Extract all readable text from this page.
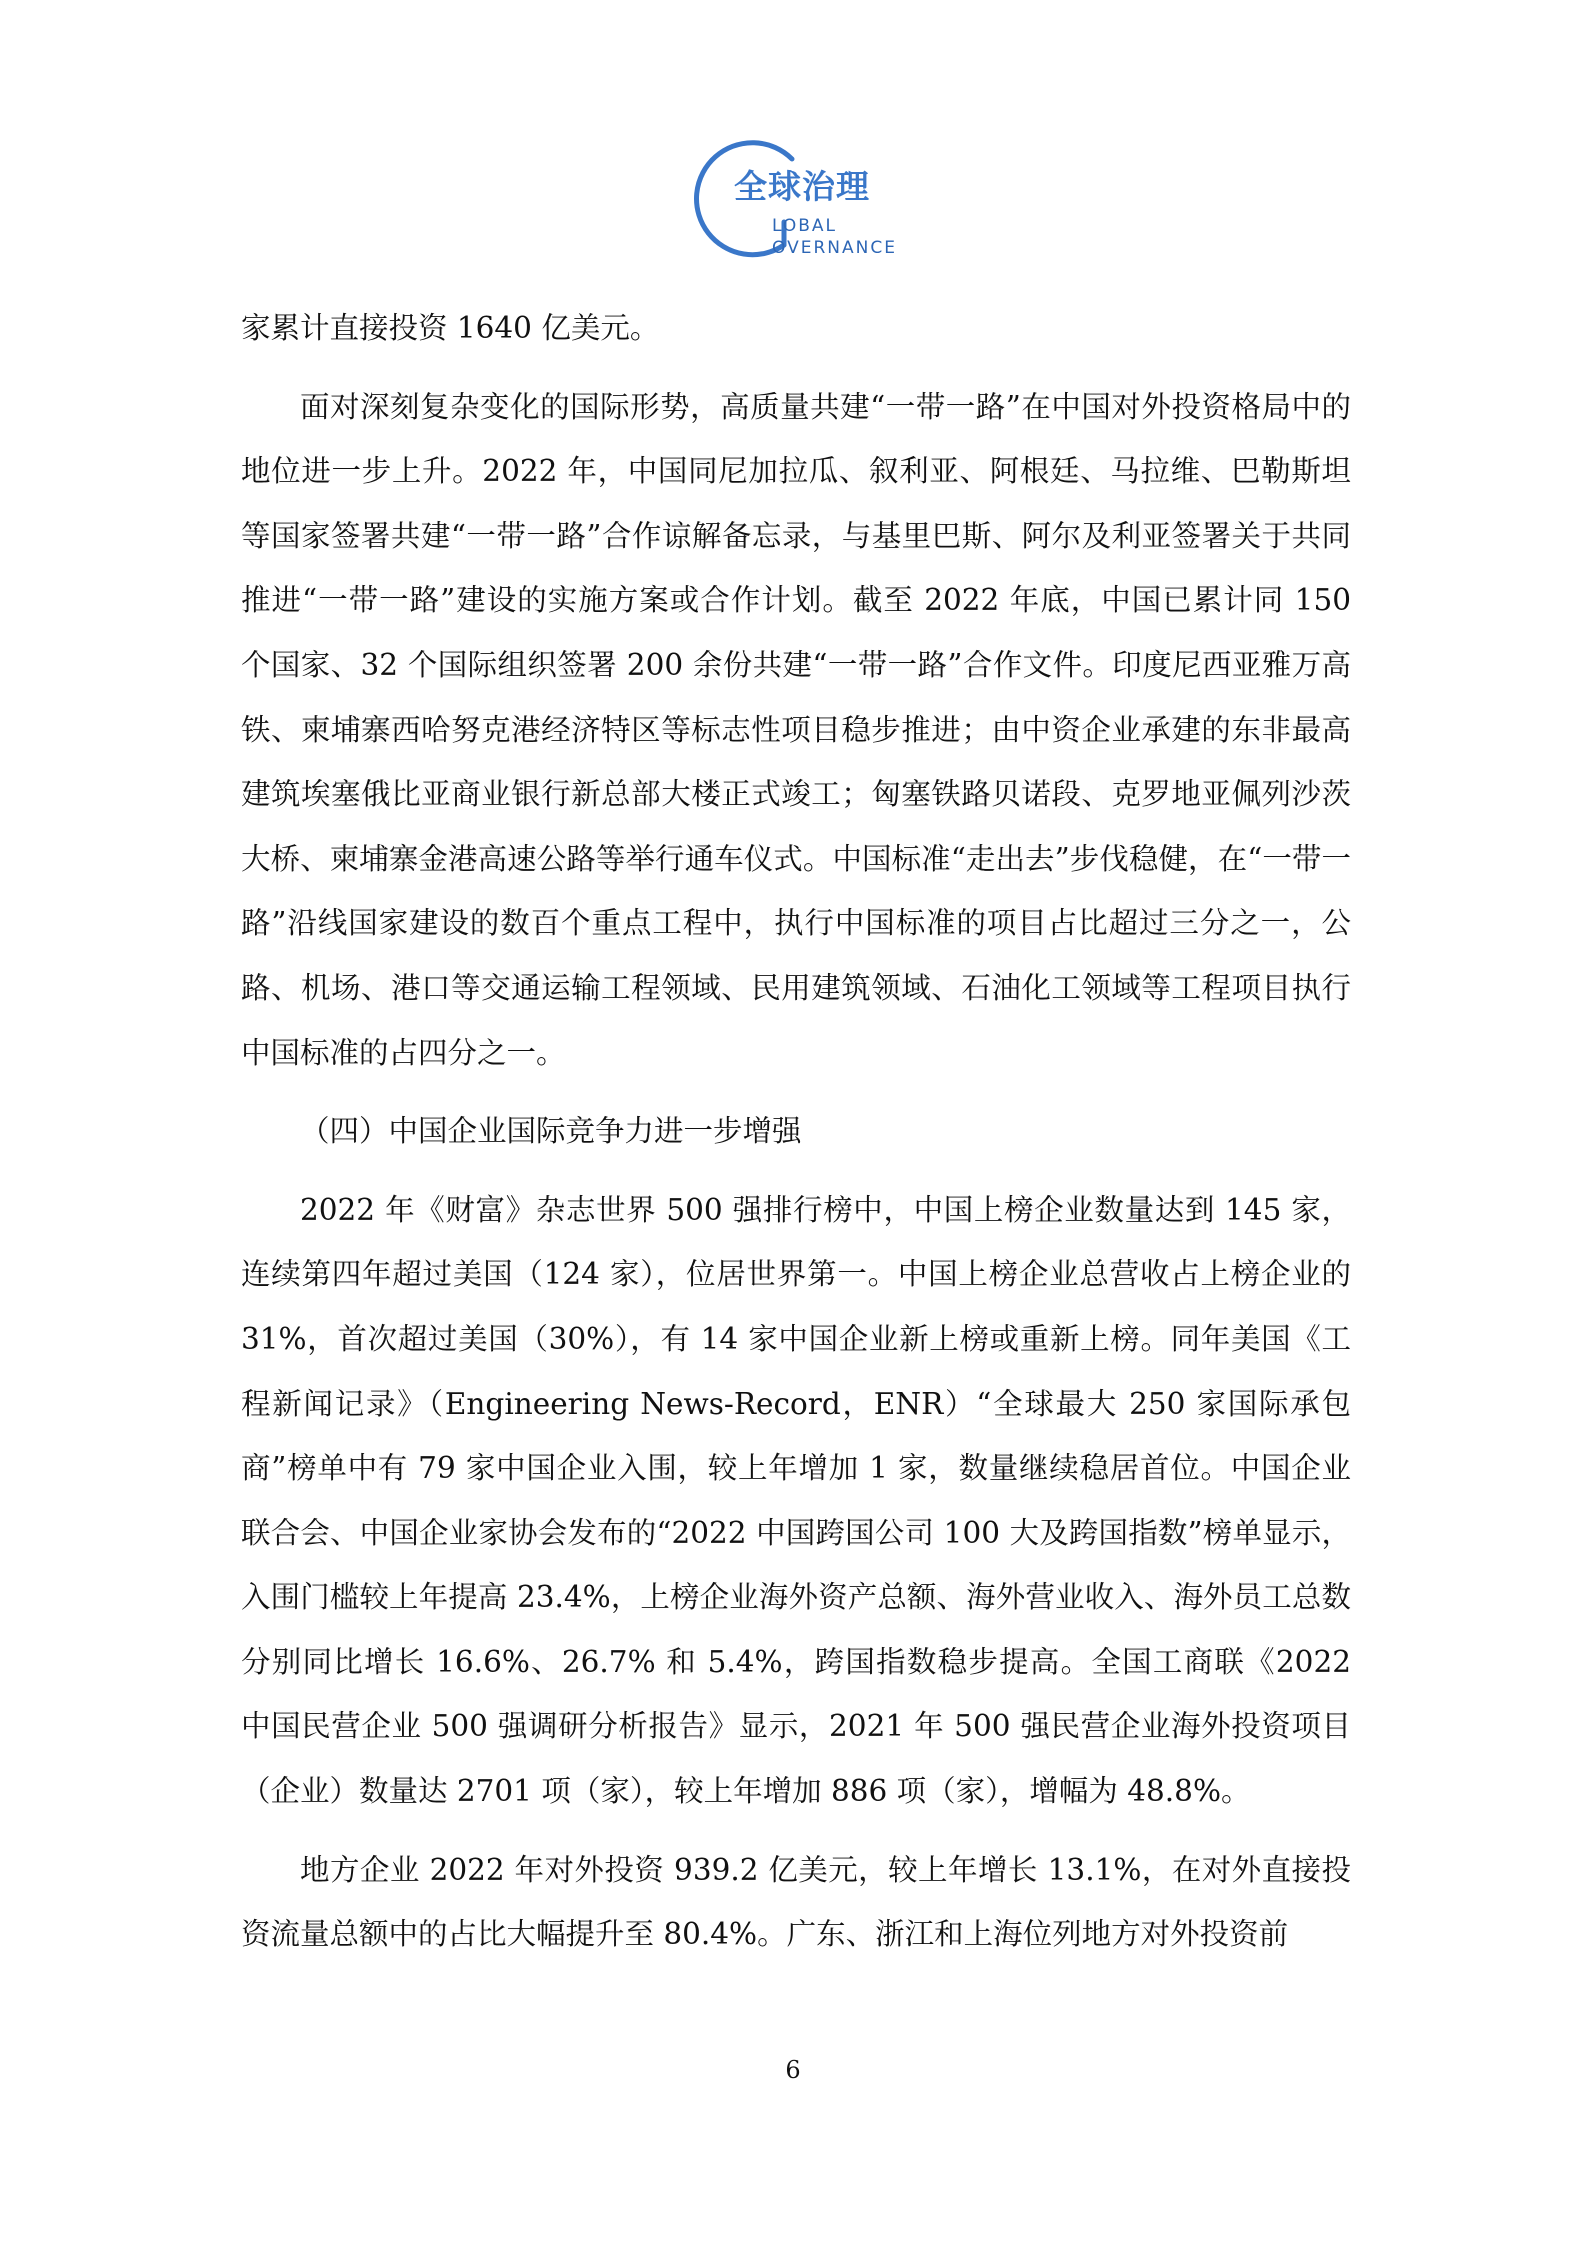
全球治理
LOBAL
OVERNANCE

家累计直接投资 1640 亿美元。

面对深刻复杂变化的国际形势，高质量共建“一带一路”在中国对外投资格局中的地位进一步上升。2022 年，中国同尼加拉瓜、叙利亚、阿根廷、马拉维、巴勒斯坦等国家签署共建“一带一路”合作谅解备忘录，与基里巴斯、阿尔及利亚签署关于共同推进“一带一路”建设的实施方案或合作计划。截至 2022 年底，中国已累计同 150 个国家、32 个国际组织签署 200 余份共建“一带一路”合作文件。印度尼西亚雅万高铁、柬埔寨西哈努克港经济特区等标志性项目稳步推进；由中资企业承建的东非最高建筑埃塞俄比亚商业银行新总部大楼正式竣工；匈塞铁路贝诺段、克罗地亚佩列沙茨大桥、柬埔寨金港高速公路等举行通车仪式。中国标准“走出去”步伐稳健，在“一带一路”沿线国家建设的数百个重点工程中，执行中国标准的项目占比超过三分之一，公路、机场、港口等交通运输工程领域、民用建筑领域、石油化工领域等工程项目执行中国标准的占四分之一。

（四）中国企业国际竞争力进一步增强

2022 年《财富》杂志世界 500 强排行榜中，中国上榜企业数量达到 145 家，连续第四年超过美国（124 家），位居世界第一。中国上榜企业总营收占上榜企业的 31%，首次超过美国（30%），有 14 家中国企业新上榜或重新上榜。同年美国《工程新闻记录》（Engineering News-Record，ENR）“全球最大 250 家国际承包商”榜单中有 79 家中国企业入围，较上年增加 1 家，数量继续稳居首位。中国企业联合会、中国企业家协会发布的“2022 中国跨国公司 100 大及跨国指数”榜单显示，入围门槛较上年提高 23.4%，上榜企业海外资产总额、海外营业收入、海外员工总数分别同比增长 16.6%、26.7% 和 5.4%，跨国指数稳步提高。全国工商联《2022 中国民营企业 500 强调研分析报告》显示，2021 年 500 强民营企业海外投资项目（企业）数量达 2701 项（家），较上年增加 886 项（家），增幅为 48.8%。

地方企业 2022 年对外投资 939.2 亿美元，较上年增长 13.1%，在对外直接投资流量总额中的占比大幅提升至 80.4%。广东、浙江和上海位列地方对外投资前

6
